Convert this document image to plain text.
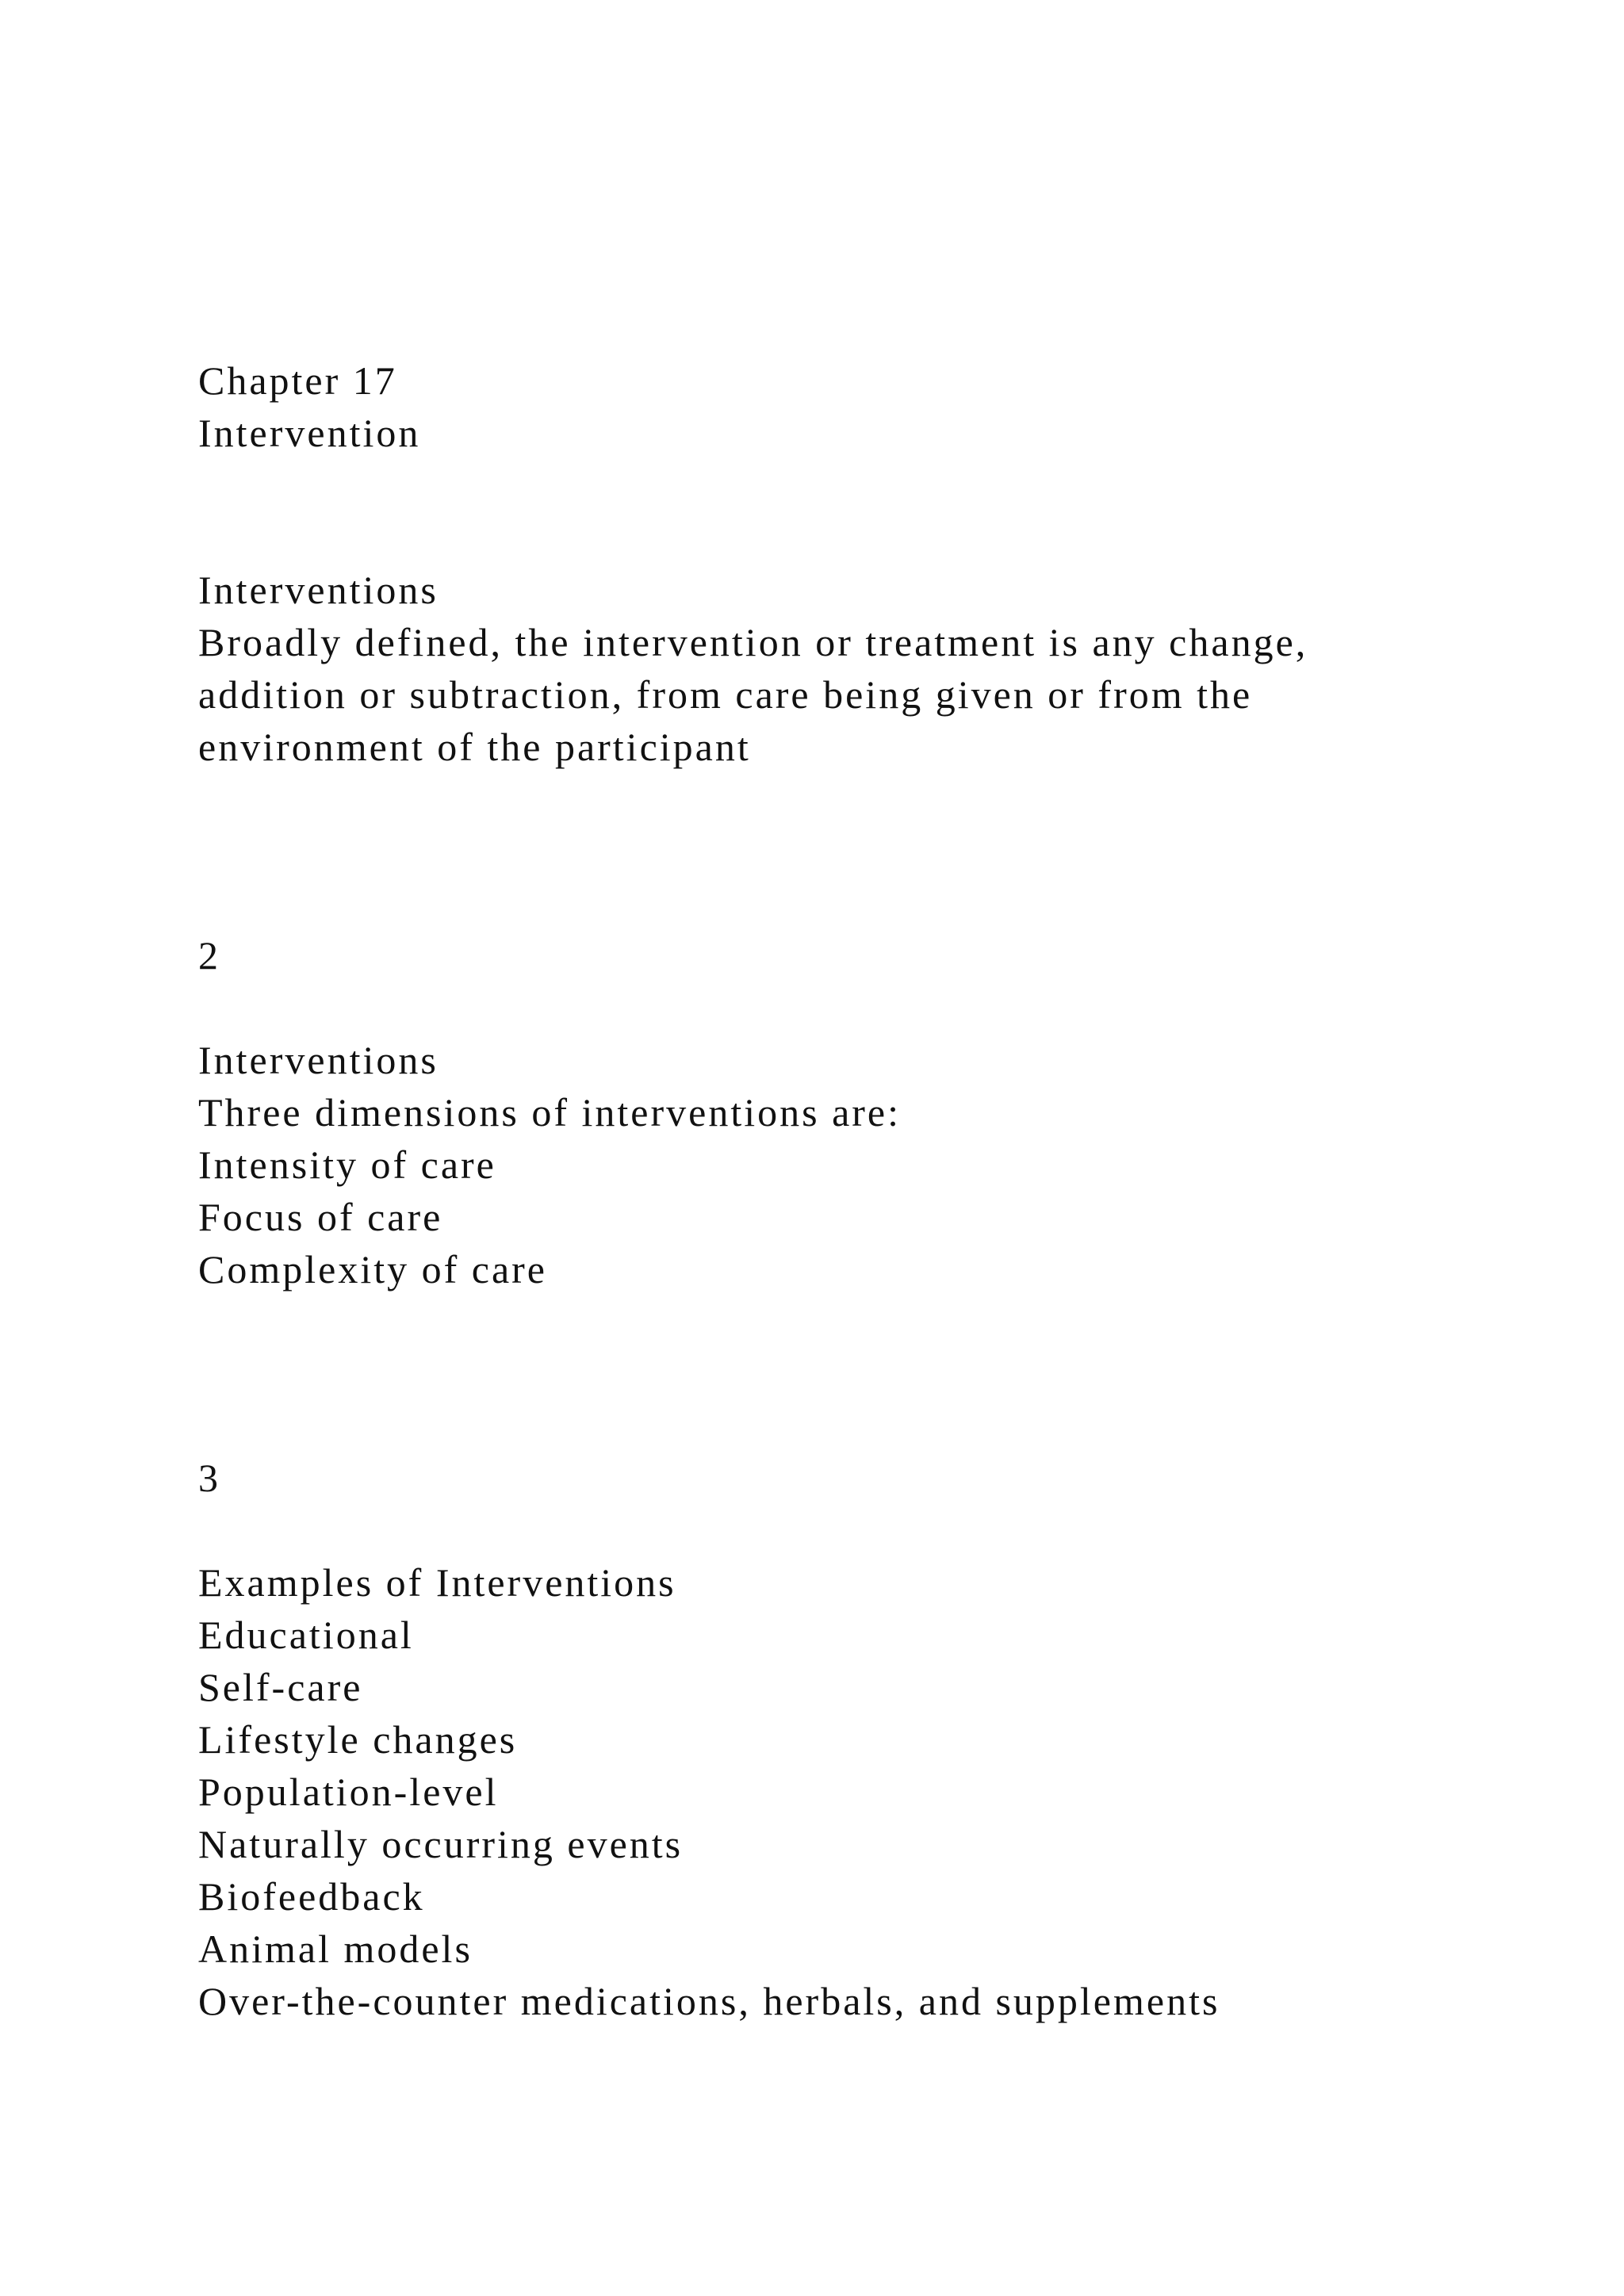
Chapter 17

Intervention

Interventions

Broadly defined, the intervention or treatment is any change,

addition or subtraction, from care being given or from the

environment of the participant

2

Interventions

Three dimensions of interventions are:

Intensity of care

Focus of care

Complexity of care

3

Examples of Interventions

Educational

Self-care

Lifestyle changes

Population-level

Naturally occurring events

Biofeedback

Animal models

Over-the-counter medications, herbals, and supplements
